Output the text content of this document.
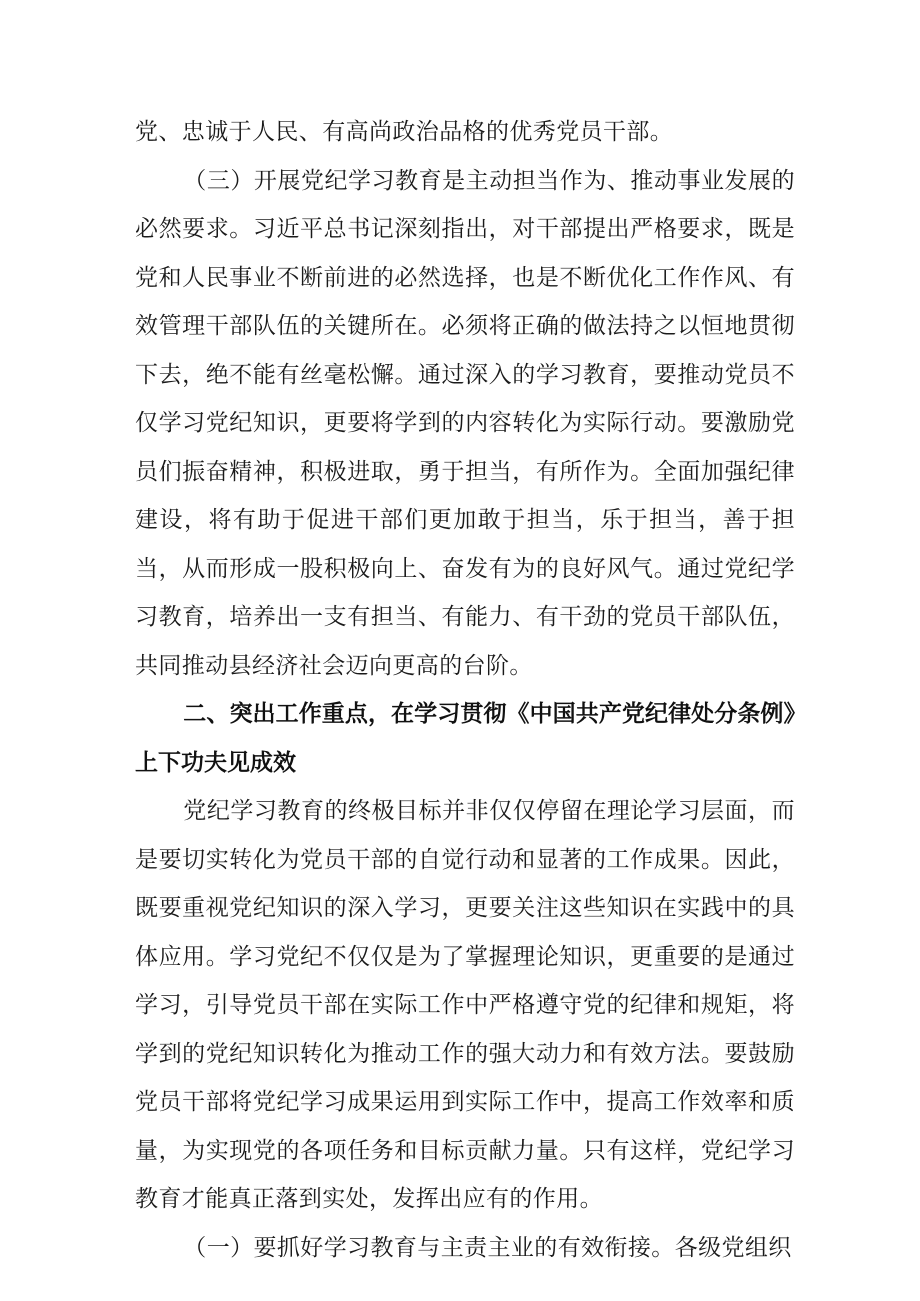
党、忠诚于人民、有高尚政治品格的优秀党员干部。

（三）开展党纪学习教育是主动担当作为、推动事业发展的必然要求。习近平总书记深刻指出，对干部提出严格要求，既是党和人民事业不断前进的必然选择，也是不断优化工作作风、有效管理干部队伍的关键所在。必须将正确的做法持之以恒地贯彻下去，绝不能有丝毫松懈。通过深入的学习教育，要推动党员不仅学习党纪知识，更要将学到的内容转化为实际行动。要激励党员们振奋精神，积极进取，勇于担当，有所作为。全面加强纪律建设，将有助于促进干部们更加敢于担当，乐于担当，善于担当，从而形成一股积极向上、奋发有为的良好风气。通过党纪学习教育，培养出一支有担当、有能力、有干劲的党员干部队伍，共同推动县经济社会迈向更高的台阶。

二、突出工作重点，在学习贯彻《中国共产党纪律处分条例》上下功夫见成效

党纪学习教育的终极目标并非仅仅停留在理论学习层面，而是要切实转化为党员干部的自觉行动和显著的工作成果。因此，既要重视党纪知识的深入学习，更要关注这些知识在实践中的具体应用。学习党纪不仅仅是为了掌握理论知识，更重要的是通过学习，引导党员干部在实际工作中严格遵守党的纪律和规矩，将学到的党纪知识转化为推动工作的强大动力和有效方法。要鼓励党员干部将党纪学习成果运用到实际工作中，提高工作效率和质量，为实现党的各项任务和目标贡献力量。只有这样，党纪学习教育才能真正落到实处，发挥出应有的作用。

（一）要抓好学习教育与主责主业的有效衔接。各级党组织
